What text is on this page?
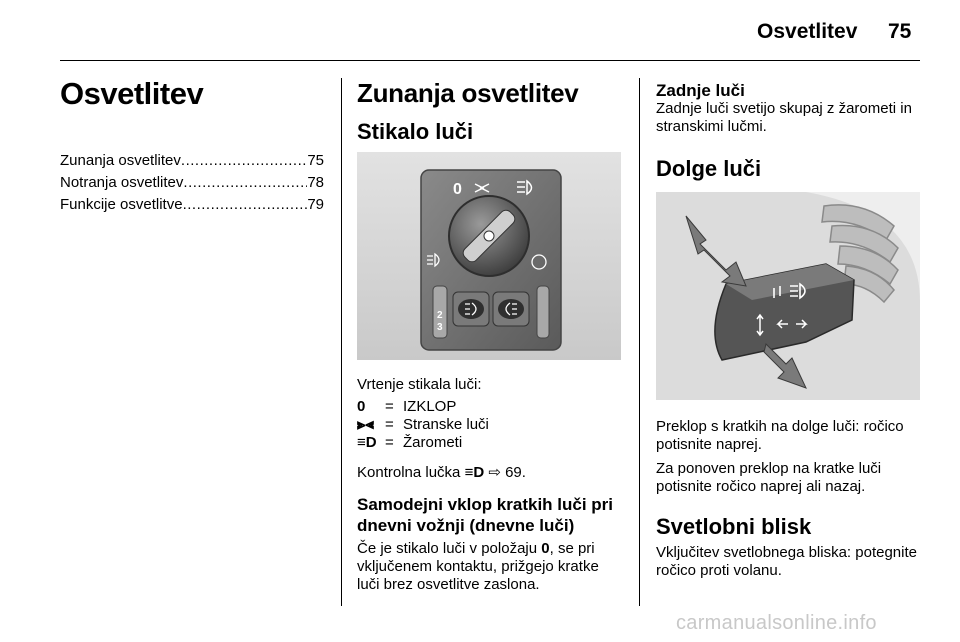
Osvetlitev 75
Osvetlitev
Zunanja osvetlitev .....	75
Notranja osvetlitev .....	78
Funkcije osvetlitve .....	79
Zunanja osvetlitev
Stikalo luči
0
2
3
Vrtenje stikala luči:
0	= IZKLOP
⫸⫷ = Stranske luči
≡D = Žarometi
Kontrolna lučka ≡D ⇨ 69.
Samodejni vklop kratkih luči pri dnevni vožnji (dnevne luči)
Če je stikalo luči v položaju 0, se pri vključenem kontaktu, prižgejo kratke luči brez osvetlitve zaslona.
Zadnje luči
Zadnje luči svetijo skupaj z žarometi in stranskimi lučmi.
Dolge luči
Preklop s kratkih na dolge luči: ročico potisnite naprej.
Za ponoven preklop na kratke luči potisnite ročico naprej ali nazaj.
Svetlobni blisk
Vključitev svetlobnega bliska: potegnite ročico proti volanu.
carmanualsonline.info
